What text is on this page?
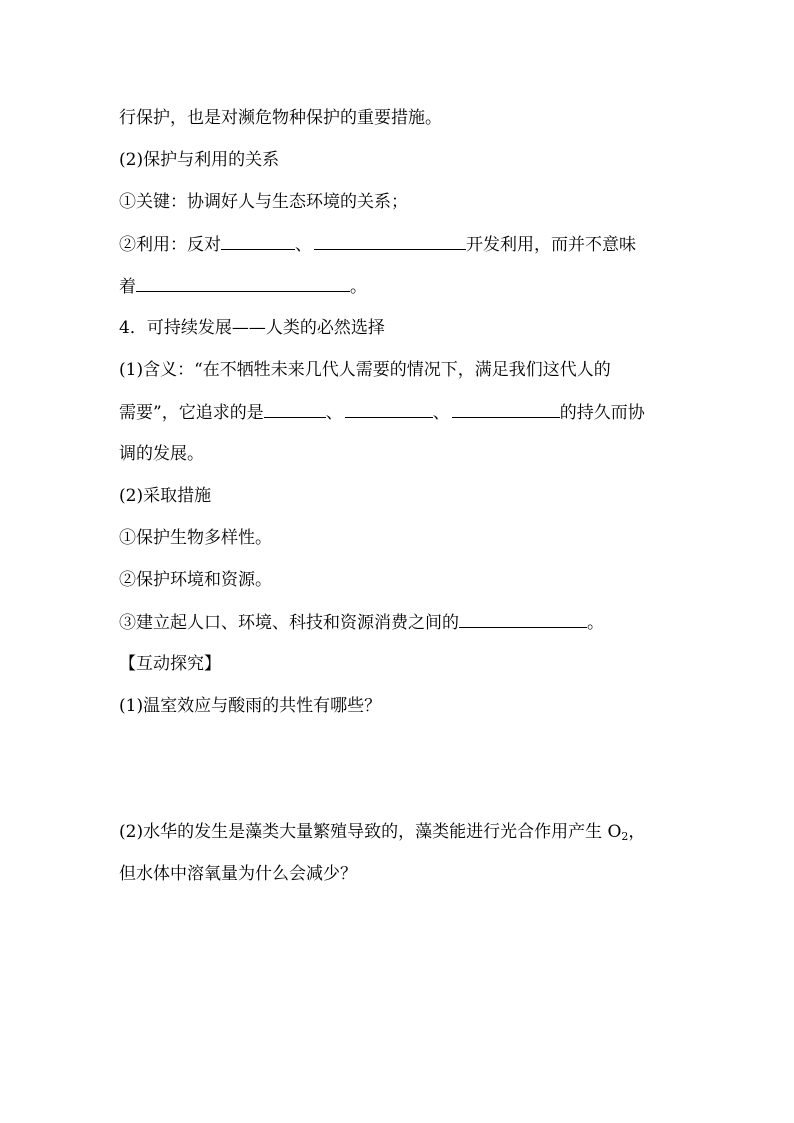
行保护，也是对濒危物种保护的重要措施。
(2)保护与利用的关系
①关键：协调好人与生态环境的关系；
②利用：反对	、	开发利用，而并不意味
着	。
4．可持续发展——人类的必然选择
(1)含义：“在不牺牲未来几代人需要的情况下，满足我们这代人的
需要”，它追求的是	、	、	的持久而协
调的发展。
(2)采取措施
①保护生物多样性。
②保护环境和资源。
③建立起人口、环境、科技和资源消费之间的	。
【互动探究】
(1)温室效应与酸雨的共性有哪些？
(2)水华的发生是藻类大量繁殖导致的，藻类能进行光合作用产生 $O_2$，
但水体中溶氧量为什么会减少？
